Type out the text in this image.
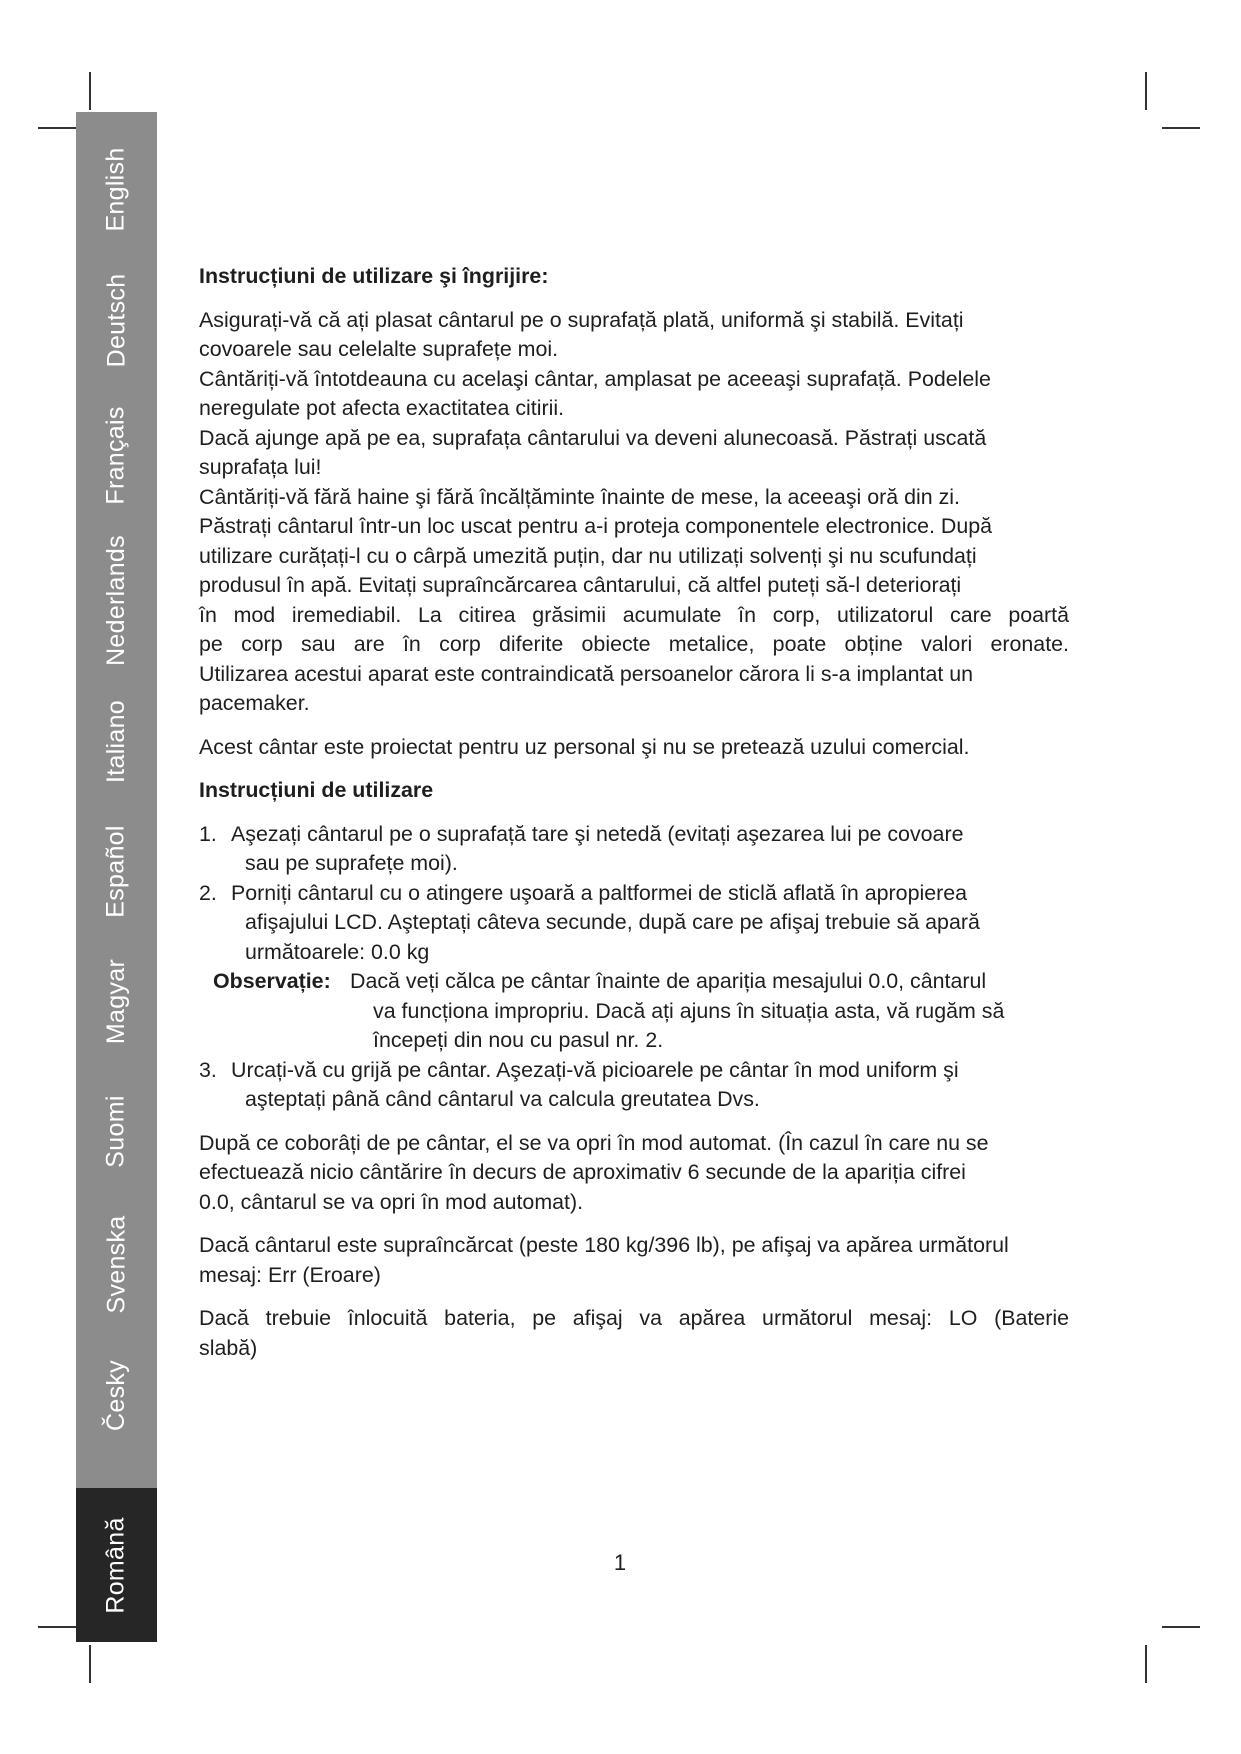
English
Deutsch
Français
Nederlands
Italiano
Español
Magyar
Suomi
Svenska
Česky
Română

Instrucțiuni de utilizare şi îngrijire:

Asigurați-vă că ați plasat cântarul pe o suprafață plată, uniformă şi stabilă. Evitați
covoarele sau celelalte suprafețe moi.
Cântăriți-vă întotdeauna cu acelaşi cântar, amplasat pe aceeaşi suprafață. Podelele
neregulate pot afecta exactitatea citirii.
Dacă ajunge apă pe ea, suprafața cântarului va deveni alunecoasă. Păstrați uscată
suprafața lui!
Cântăriți-vă fără haine şi fără încălțăminte înainte de mese, la aceeaşi oră din zi.
Păstrați cântarul într-un loc uscat pentru a-i proteja componentele electronice. După
utilizare curățați-l cu o cârpă umezită puțin, dar nu utilizați solvenți şi nu scufundați
produsul în apă. Evitați supraîncărcarea cântarului, că altfel puteți să-l deteriorați
în mod iremediabil. La citirea grăsimii acumulate în corp, utilizatorul care poartă
pe corp sau are în corp diferite obiecte metalice, poate obține valori eronate.
Utilizarea acestui aparat este contraindicată persoanelor cărora li s-a implantat un
pacemaker.

Acest cântar este proiectat pentru uz personal şi nu se pretează uzului comercial.

Instrucțiuni de utilizare

1. Aşezați cântarul pe o suprafață tare şi netedă (evitați aşezarea lui pe covoare
sau pe suprafețe moi).
2. Porniți cântarul cu o atingere uşoară a paltformei de sticlă aflată în apropierea
afişajului LCD. Aşteptați câteva secunde, după care pe afişaj trebuie să apară
următoarele: 0.0 kg
Observație: Dacă veți călca pe cântar înainte de apariția mesajului 0.0, cântarul
va funcționa impropriu. Dacă ați ajuns în situația asta, vă rugăm să
începeți din nou cu pasul nr. 2.
3. Urcați-vă cu grijă pe cântar. Aşezați-vă picioarele pe cântar în mod uniform şi
aşteptați până când cântarul va calcula greutatea Dvs.
După ce coborâți de pe cântar, el se va opri în mod automat. (În cazul în care nu se
efectuează nicio cântărire în decurs de aproximativ 6 secunde de la apariția cifrei
0.0, cântarul se va opri în mod automat).
Dacă cântarul este supraîncărcat (peste 180 kg/396 lb), pe afişaj va apărea următorul
mesaj: Err (Eroare)
Dacă trebuie înlocuită bateria, pe afişaj va apărea următorul mesaj: LO (Baterie
slabă)
1
